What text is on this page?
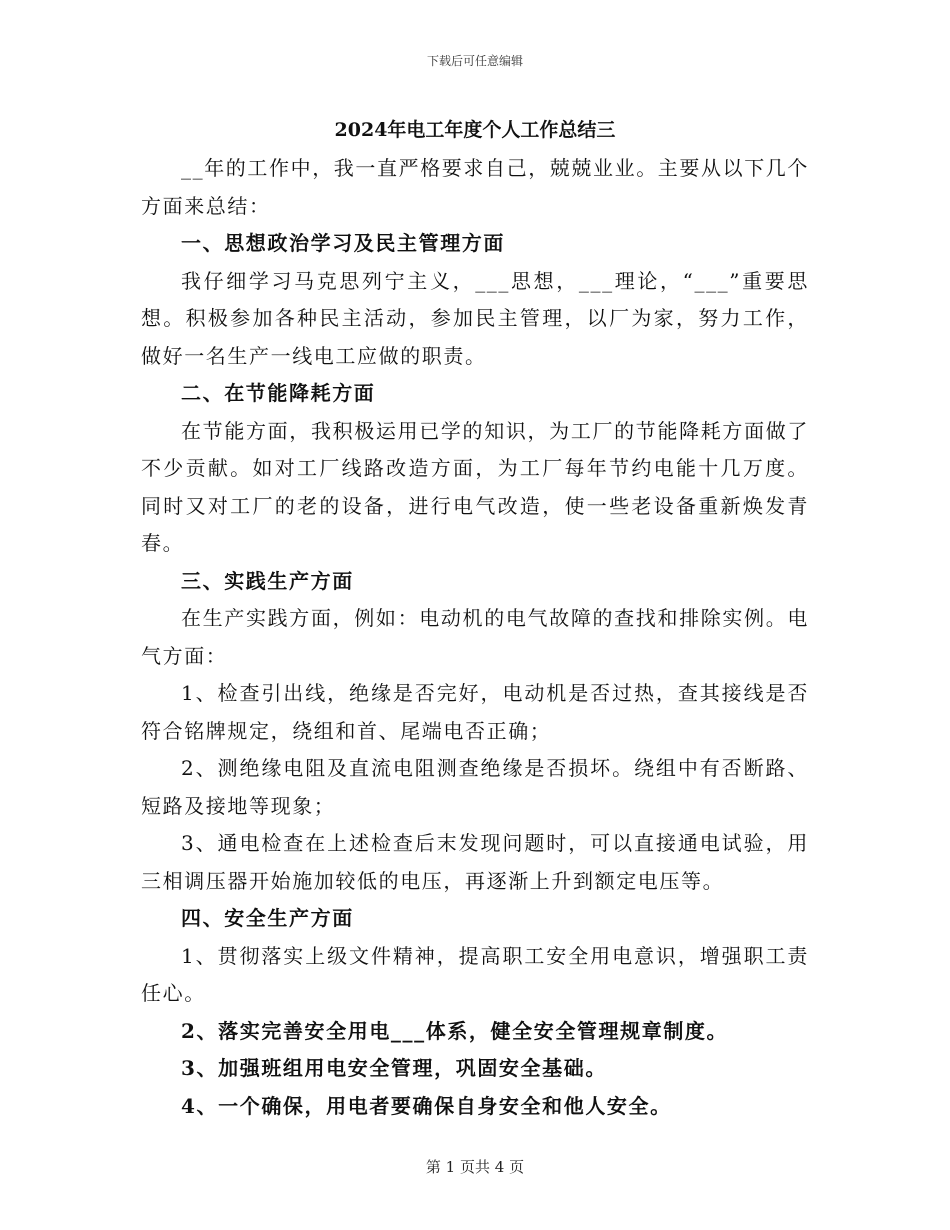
下载后可任意编辑
2024年电工年度个人工作总结三

__年的工作中，我一直严格要求自己，兢兢业业。主要从以下几个方面来总结：

一、思想政治学习及民主管理方面

我仔细学习马克思列宁主义，___思想，___理论，“___”重要思想。积极参加各种民主活动，参加民主管理，以厂为家，努力工作，做好一名生产一线电工应做的职责。

二、在节能降耗方面

在节能方面，我积极运用已学的知识，为工厂的节能降耗方面做了不少贡献。如对工厂线路改造方面，为工厂每年节约电能十几万度。同时又对工厂的老的设备，进行电气改造，使一些老设备重新焕发青春。

三、实践生产方面

在生产实践方面，例如：电动机的电气故障的查找和排除实例。电气方面：

1、检查引出线，绝缘是否完好，电动机是否过热，查其接线是否符合铭牌规定，绕组和首、尾端电否正确；

2、测绝缘电阻及直流电阻测查绝缘是否损坏。绕组中有否断路、短路及接地等现象；

3、通电检查在上述检查后末发现问题时，可以直接通电试验，用三相调压器开始施加较低的电压，再逐渐上升到额定电压等。

四、安全生产方面

1、贯彻落实上级文件精神，提高职工安全用电意识，增强职工责任心。

2、落实完善安全用电___体系，健全安全管理规章制度。

3、加强班组用电安全管理，巩固安全基础。

4、一个确保，用电者要确保自身安全和他人安全。

第 1 页共 4 页
